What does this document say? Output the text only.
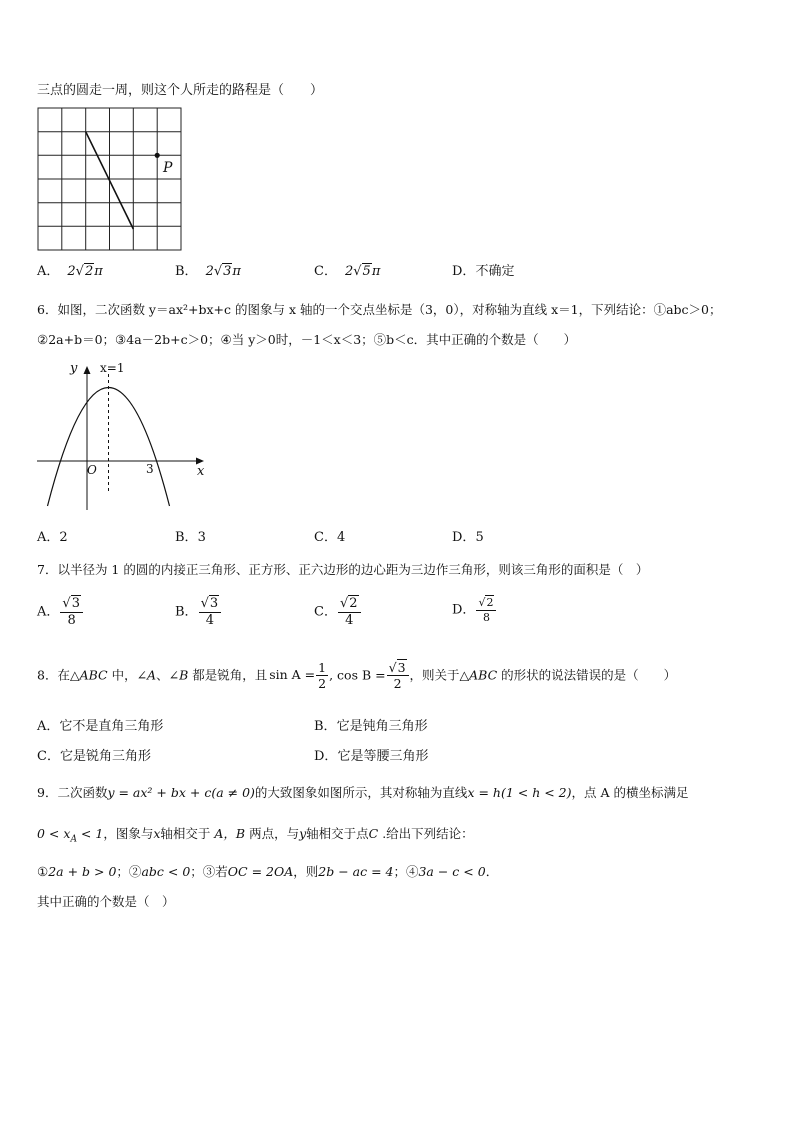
三点的圆走一周，则这个人所走的路程是（　　）
P
A． 2√2π	B． 2√3π	C． 2√5π	D．不确定
6．如图，二次函数 y＝ax²+bx+c 的图象与 x 轴的一个交点坐标是（3，0），对称轴为直线 x＝1，下列结论：①abc＞0；
②2a+b＝0；③4a－2b+c＞0；④当 y＞0时，－1＜x＜3；⑤b＜c．其中正确的个数是（　　）
y x=1
O	3	x
A．2	B．3	C．4	D．5
7．以半径为 1 的圆的内接正三角形、正方形、正六边形的边心距为三边作三角形，则该三角形的面积是（　）
A． $\frac{√3}{8}$	B． $\frac{√3}{4}$	C． $\frac{√2}{4}$	D． $\frac{√2}{8}$
8．在△ABC 中，∠A、∠B 都是锐角，且 $\sin A = \frac{1}{2}$ , $\cos B = \frac{√3}{2}$ ，则关于△ABC 的形状的说法错误的是（　　）
A．它不是直角三角形	B．它是钝角三角形
C．它是锐角三角形	D．它是等腰三角形
9．二次函数y = ax² + bx + c(a ≠ 0)的大致图象如图所示，其对称轴为直线x = h(1 < h < 2)，点 A 的横坐标满足
$0 < x_A < 1$，图象与x轴相交于 A，B 两点，与y轴相交于点C .给出下列结论：
①2a + b > 0；②abc < 0；③若OC = 2OA，则2b − ac = 4；④3a − c < 0．
其中正确的个数是（　）
